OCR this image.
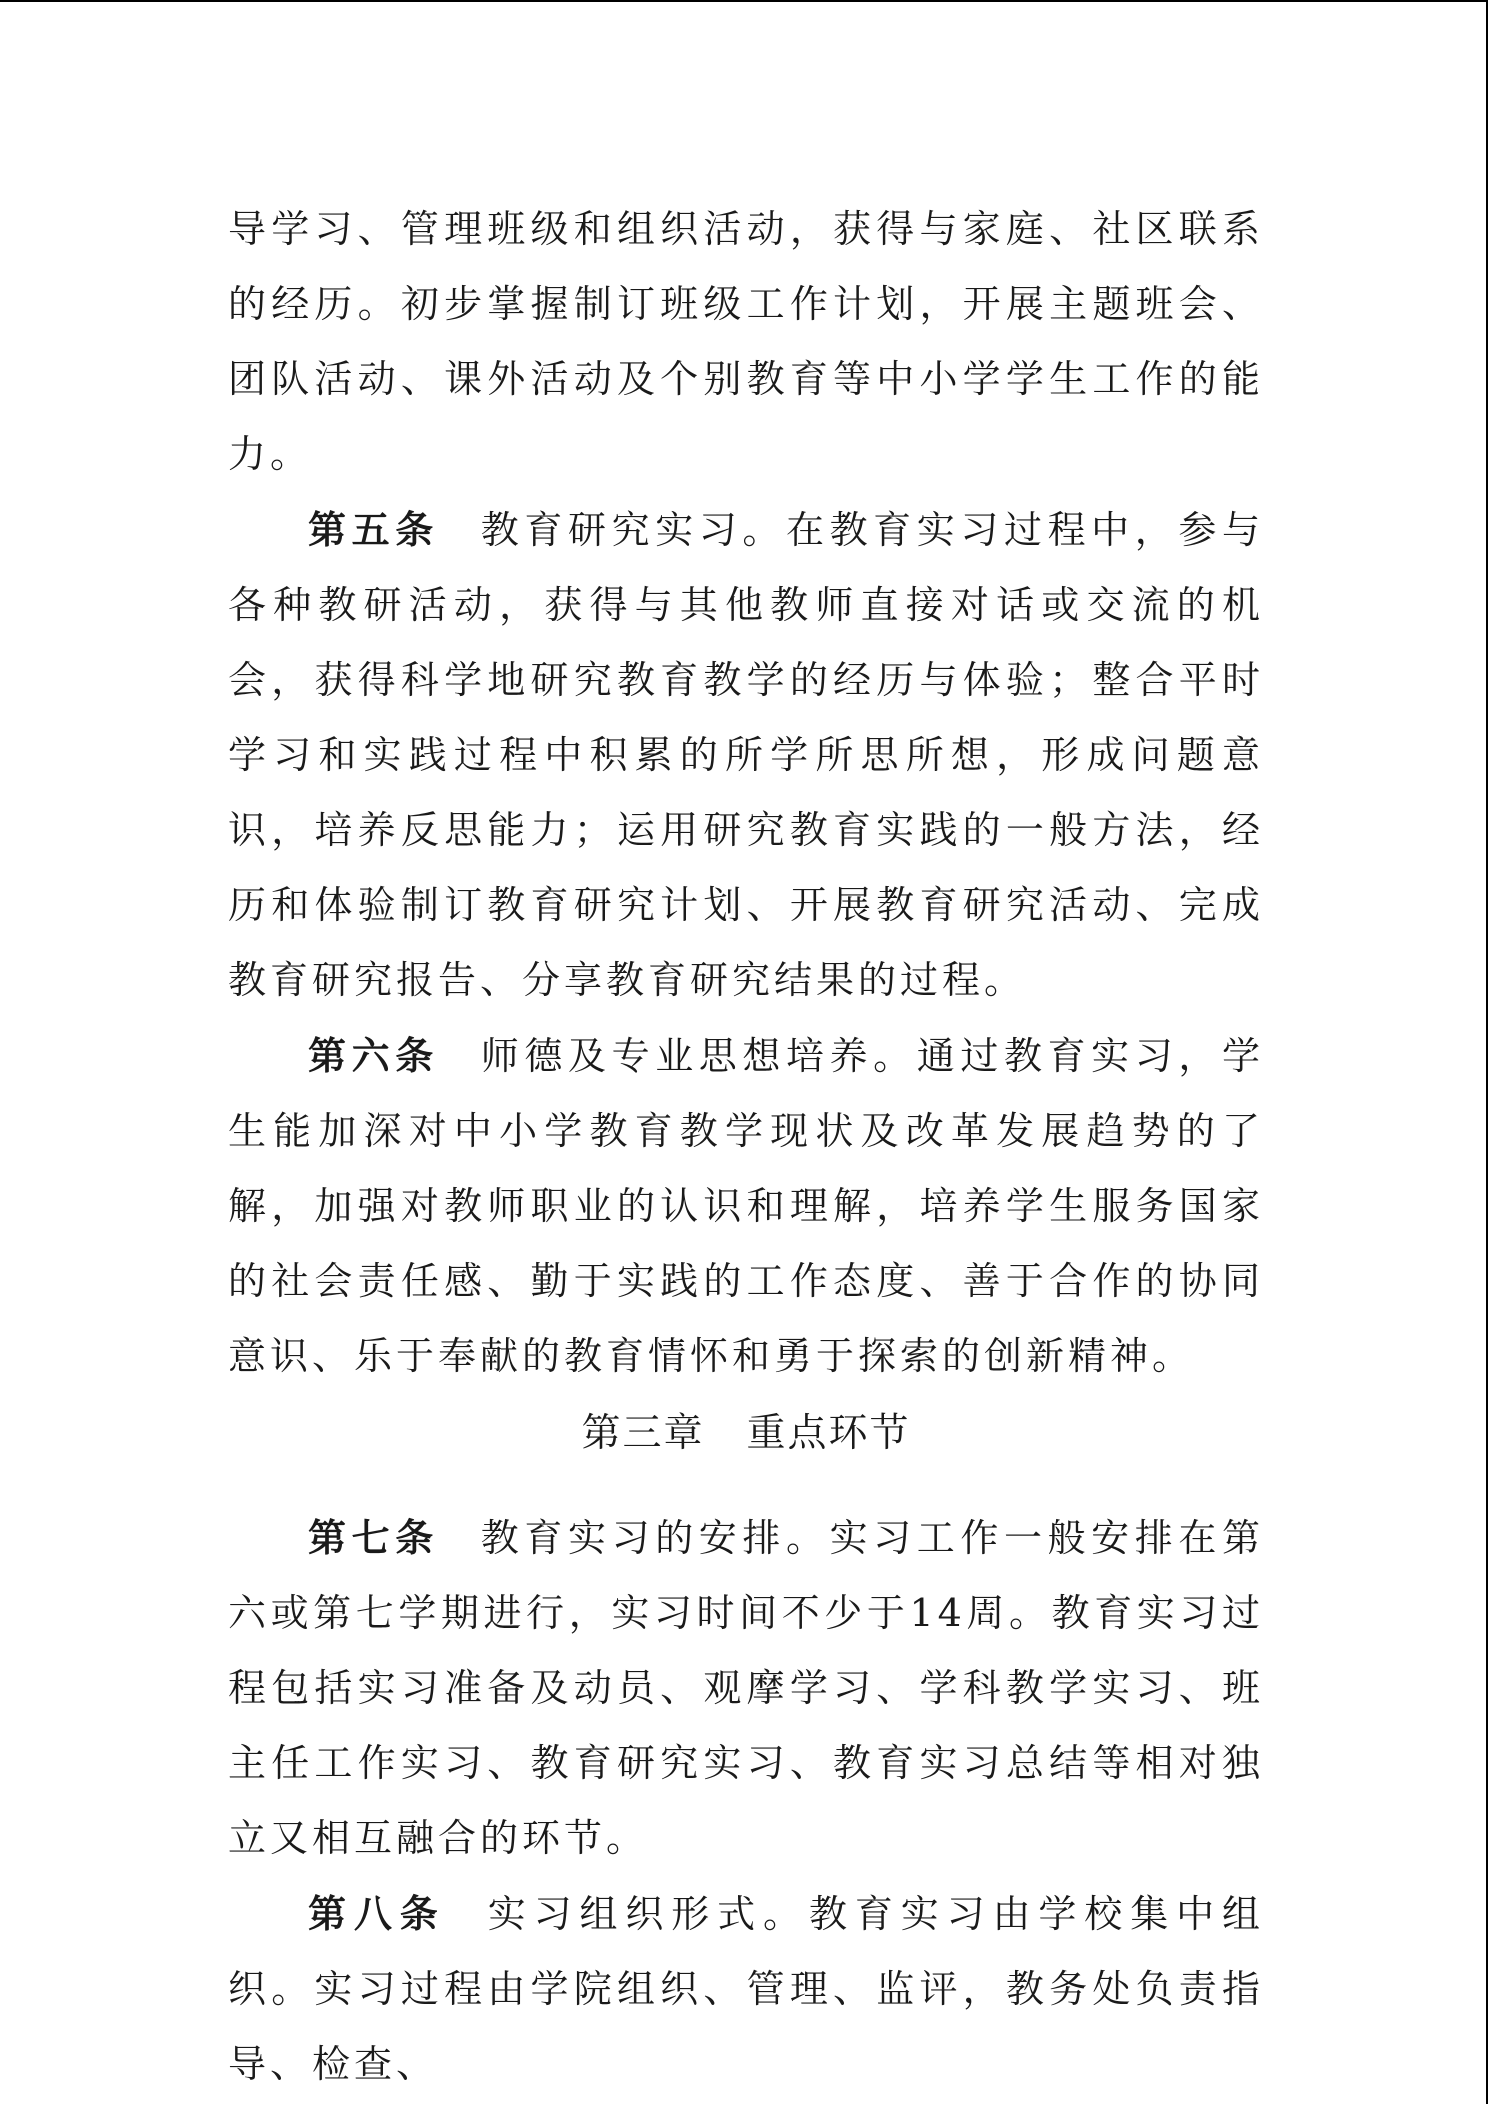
导学习、管理班级和组织活动，获得与家庭、社区联系的经历。初步掌握制订班级工作计划，开展主题班会、团队活动、课外活动及个别教育等中小学学生工作的能力。

第五条 教育研究实习。在教育实习过程中，参与各种教研活动，获得与其他教师直接对话或交流的机会，获得科学地研究教育教学的经历与体验；整合平时学习和实践过程中积累的所学所思所想，形成问题意识，培养反思能力；运用研究教育实践的一般方法，经历和体验制订教育研究计划、开展教育研究活动、完成教育研究报告、分享教育研究结果的过程。

第六条 师德及专业思想培养。通过教育实习，学生能加深对中小学教育教学现状及改革发展趋势的了解，加强对教师职业的认识和理解，培养学生服务国家的社会责任感、勤于实践的工作态度、善于合作的协同意识、乐于奉献的教育情怀和勇于探索的创新精神。

第三章 重点环节

第七条 教育实习的安排。实习工作一般安排在第六或第七学期进行，实习时间不少于14周。教育实习过程包括实习准备及动员、观摩学习、学科教学实习、班主任工作实习、教育研究实习、教育实习总结等相对独立又相互融合的环节。

第八条 实习组织形式。教育实习由学校集中组织。实习过程由学院组织、管理、监评，教务处负责指导、检查、
